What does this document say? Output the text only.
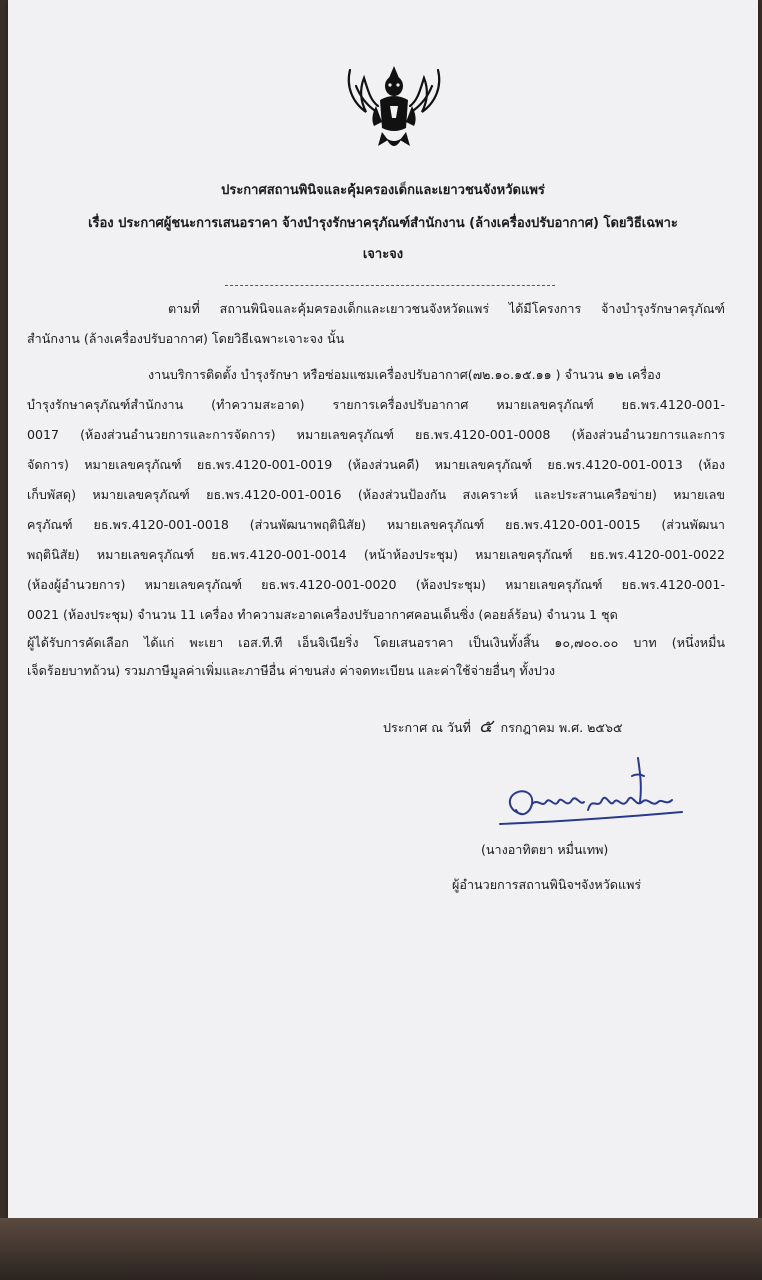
ประกาศสถานพินิจและคุ้มครองเด็กและเยาวชนจังหวัดแพร่
เรื่อง ประกาศผู้ชนะการเสนอราคา จ้างบำรุงรักษาครุภัณฑ์สำนักงาน (ล้างเครื่องปรับอากาศ) โดยวิธีเฉพาะ
เจาะจง
ตามที่ สถานพินิจและคุ้มครองเด็กและเยาวชนจังหวัดแพร่ ได้มีโครงการ จ้างบำรุงรักษาครุภัณฑ์
สำนักงาน (ล้างเครื่องปรับอากาศ) โดยวิธีเฉพาะเจาะจง นั้น
งานบริการติดตั้ง บำรุงรักษา หรือซ่อมแซมเครื่องปรับอากาศ(๗๒.๑๐.๑๕.๑๑ ) จำนวน ๑๒ เครื่อง
บำรุงรักษาครุภัณฑ์สำนักงาน (ทำความสะอาด) รายการเครื่องปรับอากาศ หมายเลขครุภัณฑ์ ยธ.พร.4120-001-
0017 (ห้องส่วนอำนวยการและการจัดการ) หมายเลขครุภัณฑ์ ยธ.พร.4120-001-0008 (ห้องส่วนอำนวยการและการ
จัดการ) หมายเลขครุภัณฑ์ ยธ.พร.4120-001-0019 (ห้องส่วนคดี) หมายเลขครุภัณฑ์ ยธ.พร.4120-001-0013 (ห้อง
เก็บพัสดุ) หมายเลขครุภัณฑ์ ยธ.พร.4120-001-0016 (ห้องส่วนป้องกัน สงเคราะห์ และประสานเครือข่าย) หมายเลข
ครุภัณฑ์ ยธ.พร.4120-001-0018 (ส่วนพัฒนาพฤตินิสัย) หมายเลขครุภัณฑ์ ยธ.พร.4120-001-0015 (ส่วนพัฒนา
พฤตินิสัย) หมายเลขครุภัณฑ์ ยธ.พร.4120-001-0014 (หน้าห้องประชุม) หมายเลขครุภัณฑ์ ยธ.พร.4120-001-0022
(ห้องผู้อำนวยการ) หมายเลขครุภัณฑ์ ยธ.พร.4120-001-0020 (ห้องประชุม) หมายเลขครุภัณฑ์ ยธ.พร.4120-001-
0021 (ห้องประชุม) จำนวน 11 เครื่อง ทำความสะอาดเครื่องปรับอากาศคอนเด็นซิ่ง (คอยล์ร้อน) จำนวน 1 ชุด
ผู้ได้รับการคัดเลือก ได้แก่ พะเยา เอส.ที.ที เอ็นจิเนียริ่ง โดยเสนอราคา เป็นเงินทั้งสิ้น ๑๐,๗๐๐.๐๐ บาท (หนึ่งหมื่น
เจ็ดร้อยบาทถ้วน) รวมภาษีมูลค่าเพิ่มและภาษีอื่น ค่าขนส่ง ค่าจดทะเบียน และค่าใช้จ่ายอื่นๆ ทั้งปวง
ประกาศ ณ วันที่ ๕ กรกฎาคม พ.ศ. ๒๕๖๕
(นางอาทิตยา หมื่นเทพ)
ผู้อำนวยการสถานพินิจฯจังหวัดแพร่
